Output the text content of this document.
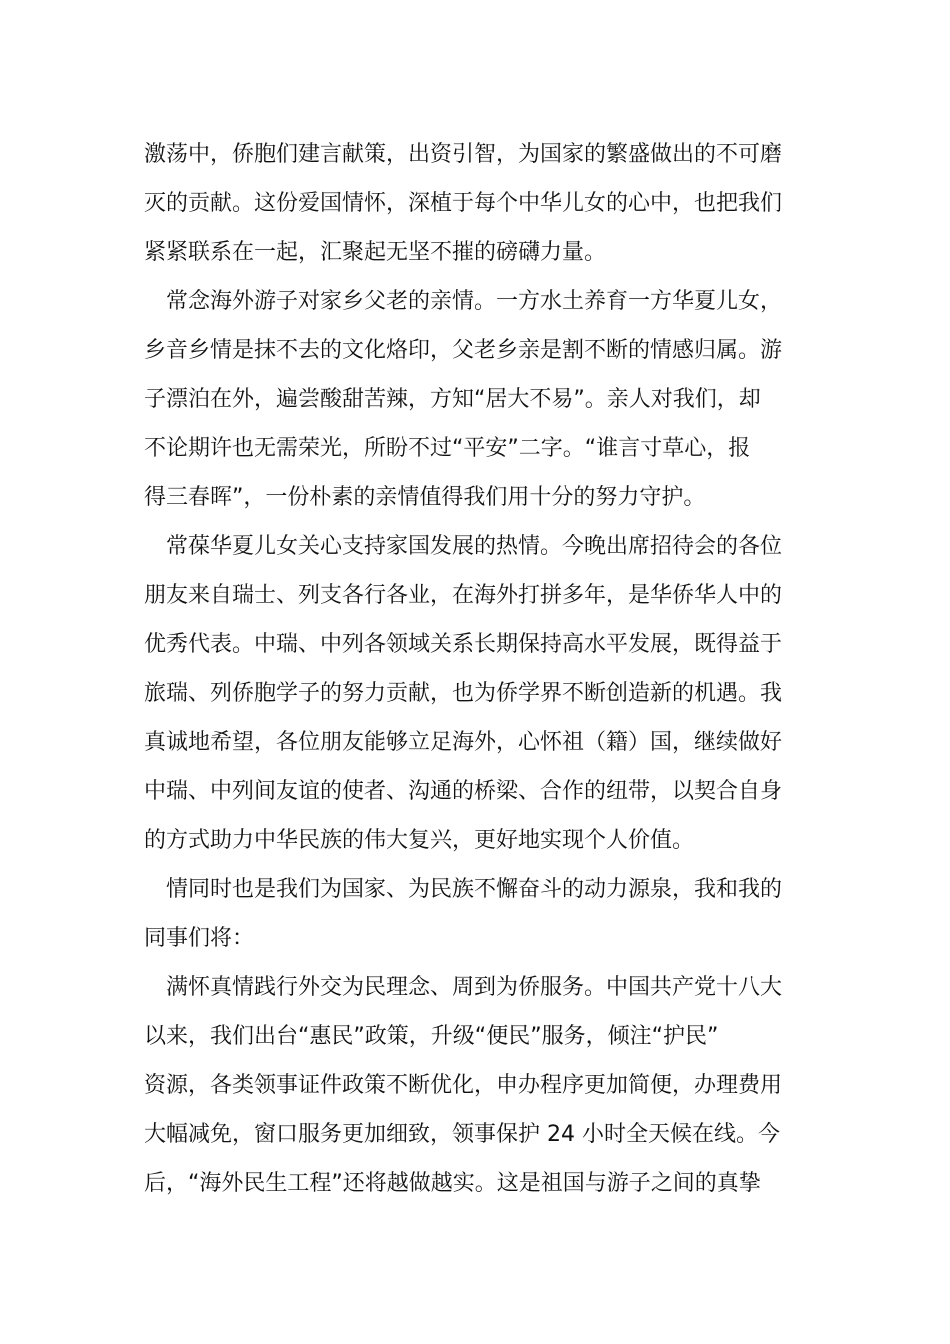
激荡中，侨胞们建言献策，出资引智，为国家的繁盛做出的不可磨
灭的贡献。这份爱国情怀，深植于每个中华儿女的心中，也把我们
紧紧联系在一起，汇聚起无坚不摧的磅礴力量。
　常念海外游子对家乡父老的亲情。一方水土养育一方华夏儿女，
乡音乡情是抹不去的文化烙印，父老乡亲是割不断的情感归属。游
子漂泊在外，遍尝酸甜苦辣，方知“居大不易”。亲人对我们，却
不论期许也无需荣光，所盼不过“平安”二字。“谁言寸草心，报
得三春晖”，一份朴素的亲情值得我们用十分的努力守护。
　常葆华夏儿女关心支持家国发展的热情。今晚出席招待会的各位
朋友来自瑞士、列支各行各业，在海外打拼多年，是华侨华人中的
优秀代表。中瑞、中列各领域关系长期保持高水平发展，既得益于
旅瑞、列侨胞学子的努力贡献，也为侨学界不断创造新的机遇。我
真诚地希望，各位朋友能够立足海外，心怀祖（籍）国，继续做好
中瑞、中列间友谊的使者、沟通的桥梁、合作的纽带，以契合自身
的方式助力中华民族的伟大复兴，更好地实现个人价值。
　情同时也是我们为国家、为民族不懈奋斗的动力源泉，我和我的
同事们将：
　满怀真情践行外交为民理念、周到为侨服务。中国共产党十八大
以来，我们出台“惠民”政策，升级“便民”服务，倾注“护民”
资源，各类领事证件政策不断优化，申办程序更加简便，办理费用
大幅减免，窗口服务更加细致，领事保护 24 小时全天候在线。今
后，“海外民生工程”还将越做越实。这是祖国与游子之间的真挚
